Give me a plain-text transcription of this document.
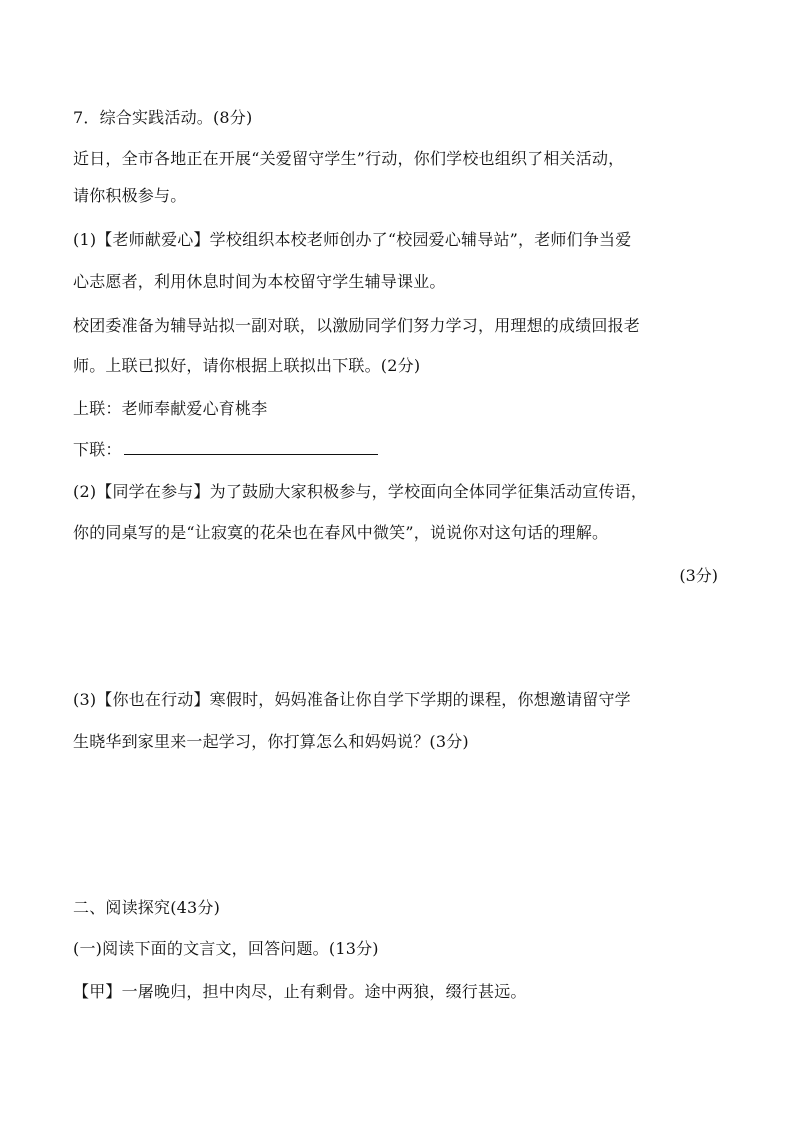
7．综合实践活动。(8分)
近日，全市各地正在开展“关爱留守学生”行动，你们学校也组织了相关活动，
请你积极参与。
(1)【老师献爱心】学校组织本校老师创办了“校园爱心辅导站”，老师们争当爱
心志愿者，利用休息时间为本校留守学生辅导课业。
校团委准备为辅导站拟一副对联，以激励同学们努力学习，用理想的成绩回报老
师。上联已拟好，请你根据上联拟出下联。(2分)
上联：老师奉献爱心育桃李
下联：
(2)【同学在参与】为了鼓励大家积极参与，学校面向全体同学征集活动宣传语，
你的同桌写的是“让寂寞的花朵也在春风中微笑”，说说你对这句话的理解。
(3分)
(3)【你也在行动】寒假时，妈妈准备让你自学下学期的课程，你想邀请留守学
生晓华到家里来一起学习，你打算怎么和妈妈说？(3分)
二、阅读探究(43分)
(一)阅读下面的文言文，回答问题。(13分)
【甲】一屠晚归，担中肉尽，止有剩骨。途中两狼，缀行甚远。
